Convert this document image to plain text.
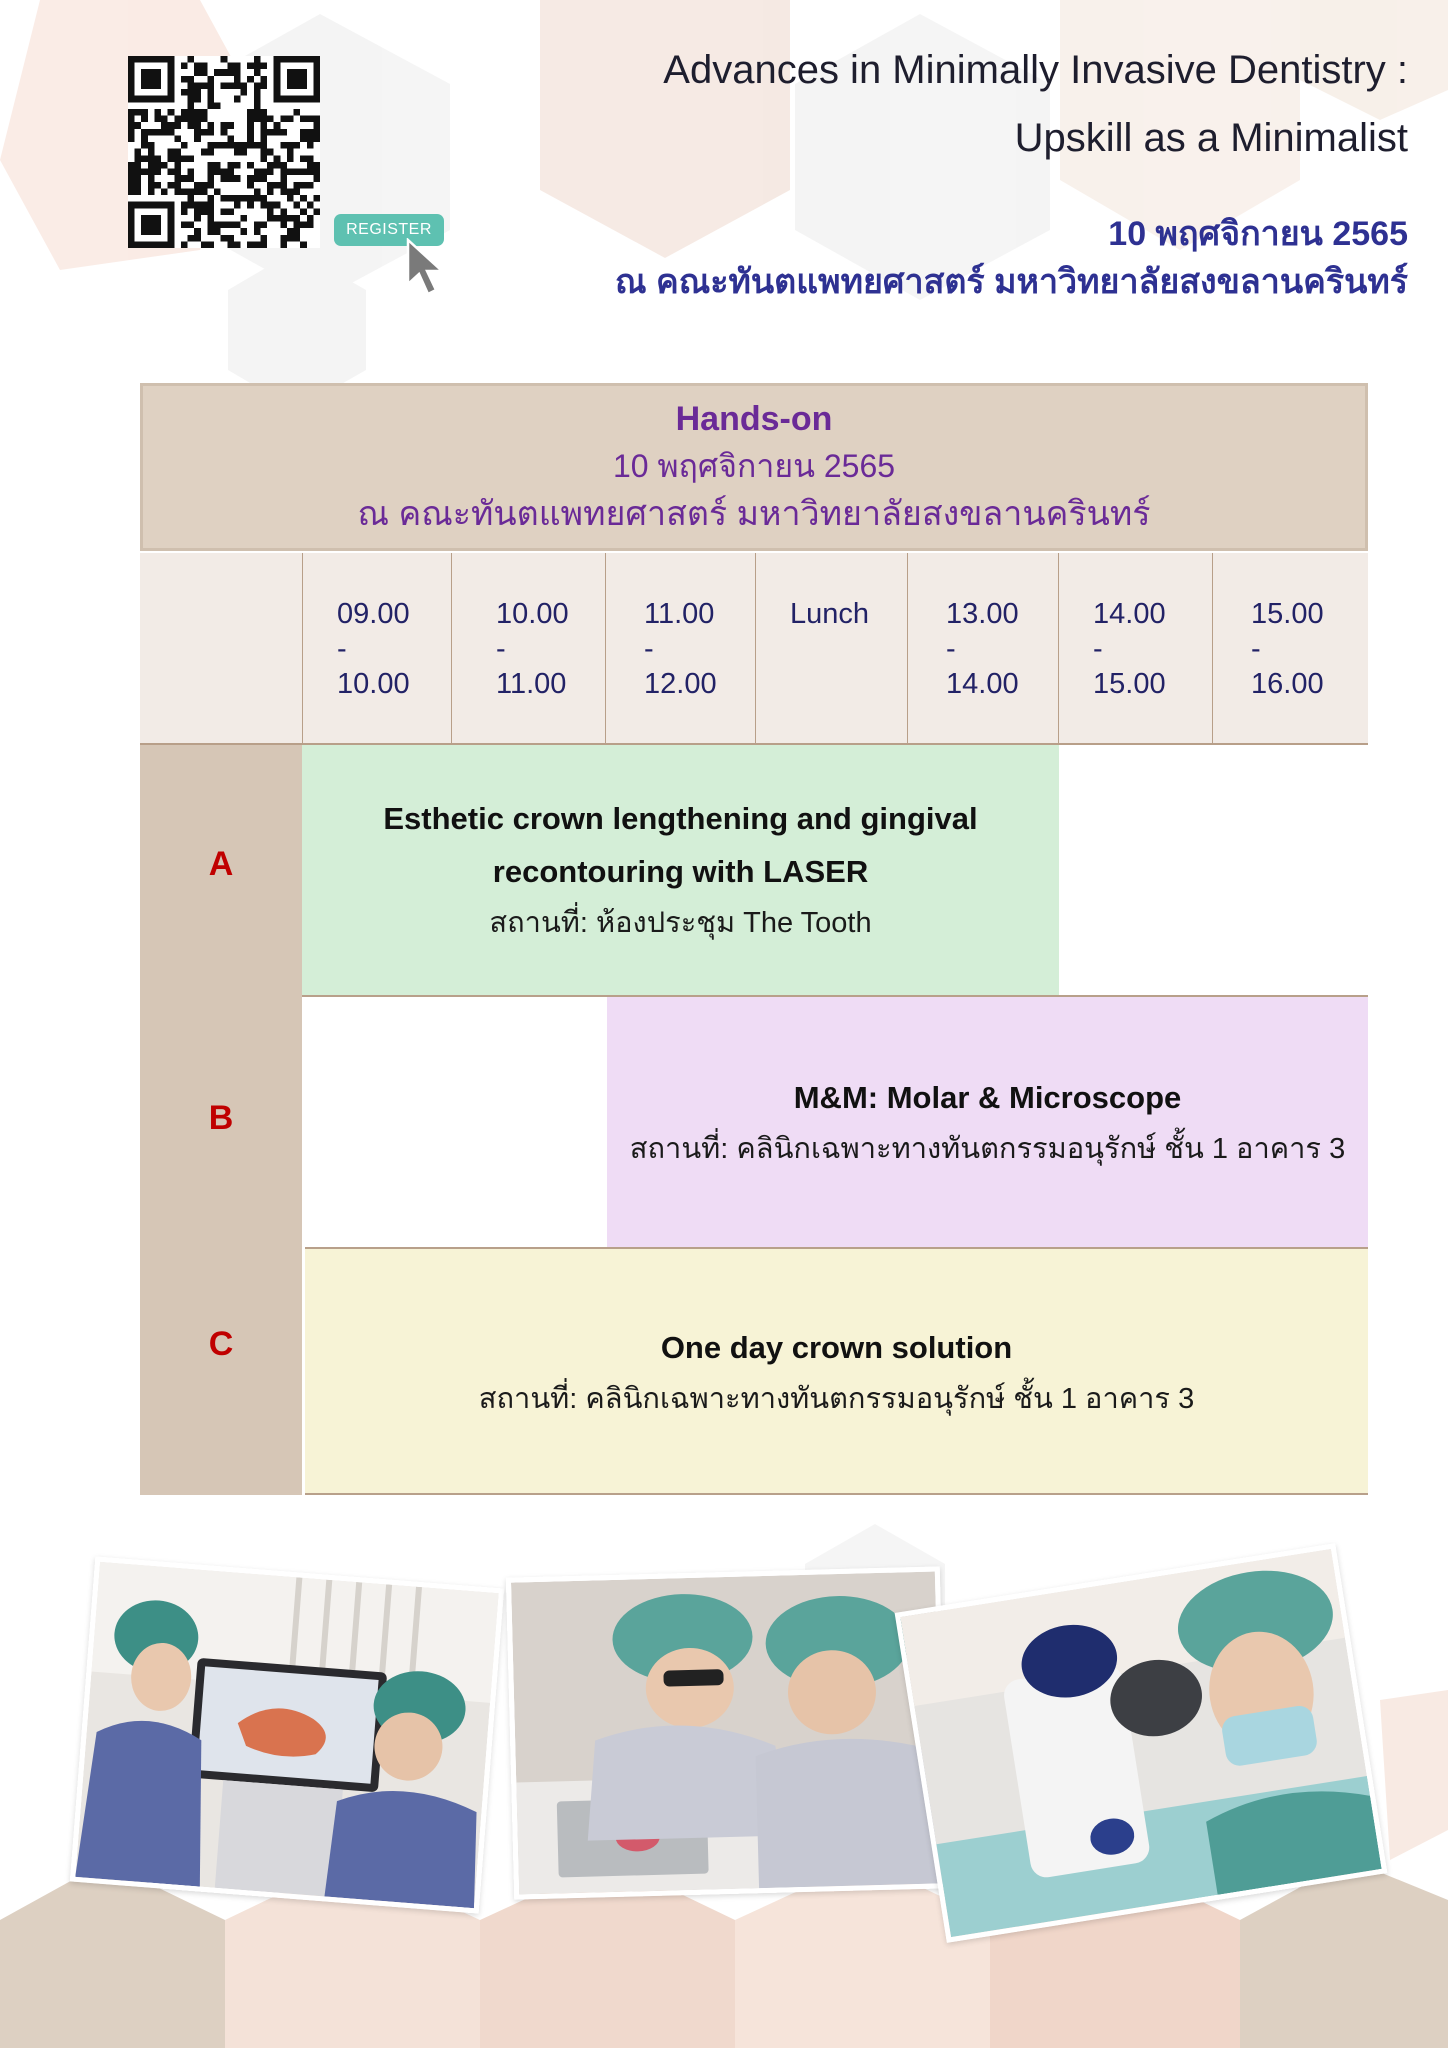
REGISTER
Advances in Minimally Invasive Dentistry :
Upskill as a Minimalist
10 พฤศจิกายน 2565
ณ คณะทันตแพทยศาสตร์ มหาวิทยาลัยสงขลานครินทร์
Hands-on
10 พฤศจิกายน 2565
ณ คณะทันตแพทยศาสตร์ มหาวิทยาลัยสงขลานครินทร์
09.00
-
10.00
10.00
-
11.00
11.00
-
12.00
Lunch	13.00
-
14.00
14.00
-
15.00
15.00
-
16.00
A
B
C
Esthetic crown lengthening and gingival
recontouring with LASER
สถานที่: ห้องประชุม The Tooth
M&M: Molar & Microscope
สถานที่: คลินิกเฉพาะทางทันตกรรมอนุรักษ์ ชั้น 1 อาคาร 3
One day crown solution
สถานที่: คลินิกเฉพาะทางทันตกรรมอนุรักษ์ ชั้น 1 อาคาร 3
